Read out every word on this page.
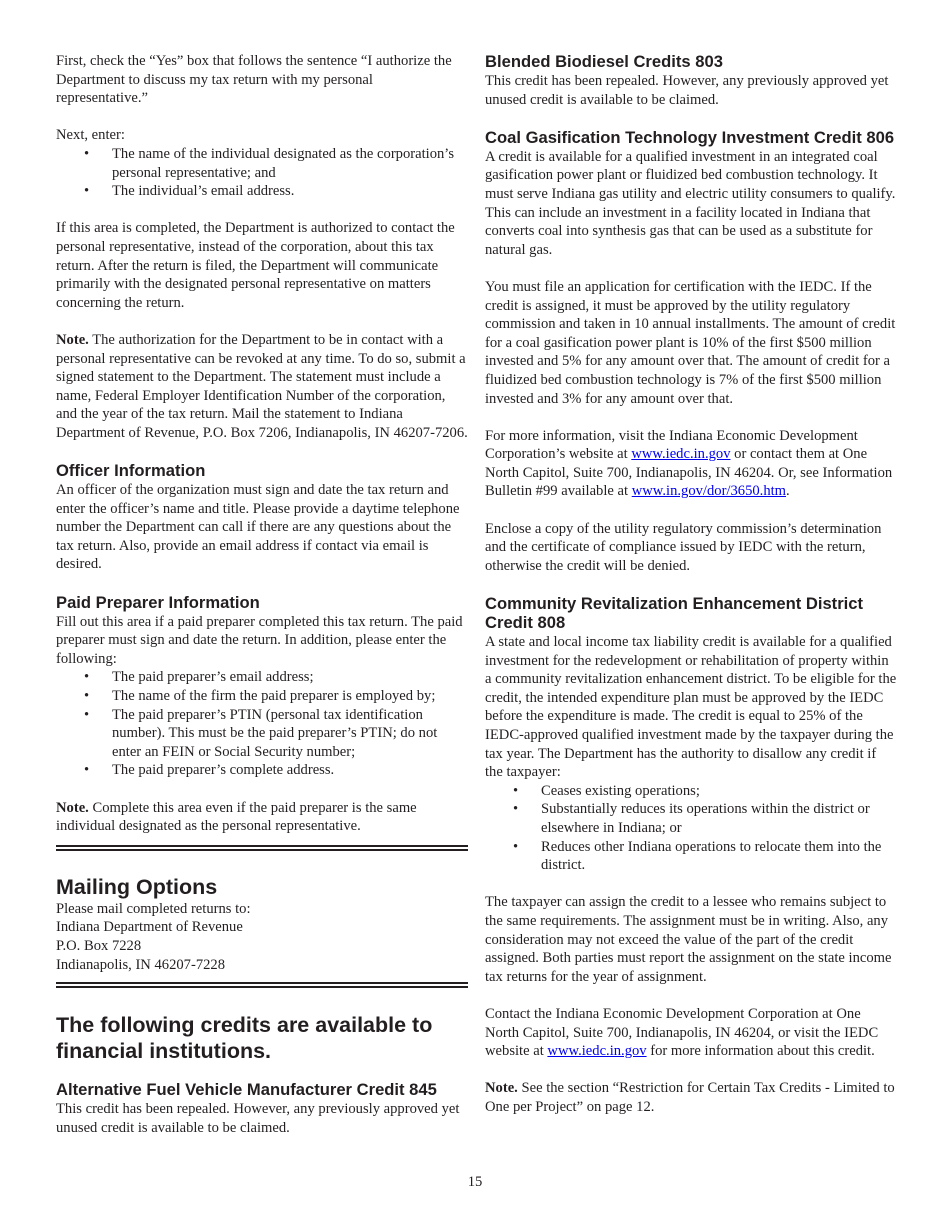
First, check the “Yes” box that follows the sentence “I authorize the Department to discuss my tax return with my personal representative.”

Next, enter:

• The name of the individual designated as the corporation’s personal representative; and
• The individual’s email address.

If this area is completed, the Department is authorized to contact the personal representative, instead of the corporation, about this tax return. After the return is filed, the Department will communicate primarily with the designated personal representative on matters concerning the return.

Note. The authorization for the Department to be in contact with a personal representative can be revoked at any time. To do so, submit a signed statement to the Department. The statement must include a name, Federal Employer Identification Number of the corporation, and the year of the tax return. Mail the statement to Indiana Department of Revenue, P.O. Box 7206, Indianapolis, IN 46207-7206.

Officer Information

An officer of the organization must sign and date the tax return and enter the officer’s name and title. Please provide a daytime telephone number the Department can call if there are any questions about the tax return. Also, provide an email address if contact via email is desired.

Paid Preparer Information

Fill out this area if a paid preparer completed this tax return. The paid preparer must sign and date the return. In addition, please enter the following:

• The paid preparer’s email address;
• The name of the firm the paid preparer is employed by;
• The paid preparer’s PTIN (personal tax identification number). This must be the paid preparer’s PTIN; do not enter an FEIN or Social Security number;
• The paid preparer’s complete address.

Note. Complete this area even if the paid preparer is the same individual designated as the personal representative.

Mailing Options
Please mail completed returns to:
Indiana Department of Revenue
P.O. Box 7228
Indianapolis, IN 46207-7228
The following credits are available to financial institutions.
Alternative Fuel Vehicle Manufacturer Credit 845

This credit has been repealed. However, any previously approved yet unused credit is available to be claimed.

Blended Biodiesel Credits 803

This credit has been repealed. However, any previously approved yet unused credit is available to be claimed.

Coal Gasification Technology Investment Credit 806

A credit is available for a qualified investment in an integrated coal gasification power plant or fluidized bed combustion technology. It must serve Indiana gas utility and electric utility consumers to qualify. This can include an investment in a facility located in Indiana that converts coal into synthesis gas that can be used as a substitute for natural gas.

You must file an application for certification with the IEDC. If the credit is assigned, it must be approved by the utility regulatory commission and taken in 10 annual installments. The amount of credit for a coal gasification power plant is 10% of the first $500 million invested and 5% for any amount over that. The amount of credit for a fluidized bed combustion technology is 7% of the first $500 million invested and 3% for any amount over that.

For more information, visit the Indiana Economic Development Corporation’s website at www.iedc.in.gov or contact them at One North Capitol, Suite 700, Indianapolis, IN 46204. Or, see Information Bulletin #99 available at www.in.gov/dor/3650.htm.

Enclose a copy of the utility regulatory commission’s determination and the certificate of compliance issued by IEDC with the return, otherwise the credit will be denied.

Community Revitalization Enhancement District Credit 808

A state and local income tax liability credit is available for a qualified investment for the redevelopment or rehabilitation of property within a community revitalization enhancement district. To be eligible for the credit, the intended expenditure plan must be approved by the IEDC before the expenditure is made. The credit is equal to 25% of the IEDC-approved qualified investment made by the taxpayer during the tax year. The Department has the authority to disallow any credit if the taxpayer:

• Ceases existing operations;
• Substantially reduces its operations within the district or elsewhere in Indiana; or
• Reduces other Indiana operations to relocate them into the district.

The taxpayer can assign the credit to a lessee who remains subject to the same requirements. The assignment must be in writing. Also, any consideration may not exceed the value of the part of the credit assigned. Both parties must report the assignment on the state income tax returns for the year of assignment.

Contact the Indiana Economic Development Corporation at One North Capitol, Suite 700, Indianapolis, IN 46204, or visit the IEDC website at www.iedc.in.gov for more information about this credit.

Note. See the section “Restriction for Certain Tax Credits - Limited to One per Project” on page 12.

15
